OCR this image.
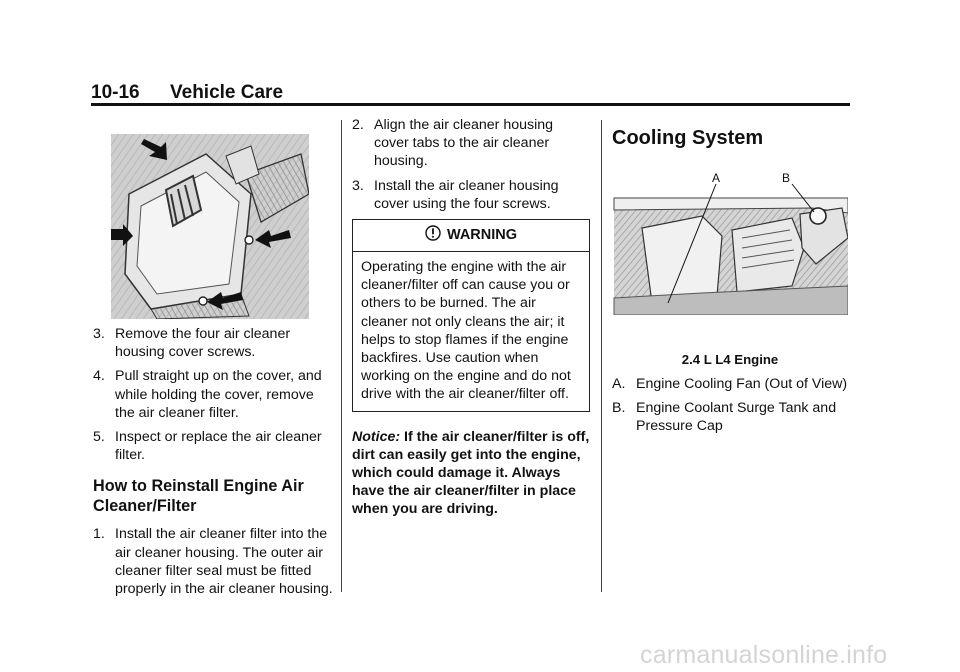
10-16 Vehicle Care
3. Remove the four air cleaner housing cover screws.
4. Pull straight up on the cover, and while holding the cover, remove the air cleaner filter.
5. Inspect or replace the air cleaner filter.
How to Reinstall Engine Air Cleaner/Filter
1. Install the air cleaner filter into the air cleaner housing. The outer air cleaner filter seal must be fitted properly in the air cleaner housing.
2. Align the air cleaner housing cover tabs to the air cleaner housing.
3. Install the air cleaner housing cover using the four screws.
WARNING
Operating the engine with the air cleaner/filter off can cause you or others to be burned. The air cleaner not only cleans the air; it helps to stop flames if the engine backfires. Use caution when working on the engine and do not drive with the air cleaner/filter off.
Notice: If the air cleaner/filter is off, dirt can easily get into the engine, which could damage it. Always have the air cleaner/filter in place when you are driving.
Cooling System
A	B
2.4 L L4 Engine
A. Engine Cooling Fan (Out of View)
B. Engine Coolant Surge Tank and Pressure Cap
carmanualsonline.info
